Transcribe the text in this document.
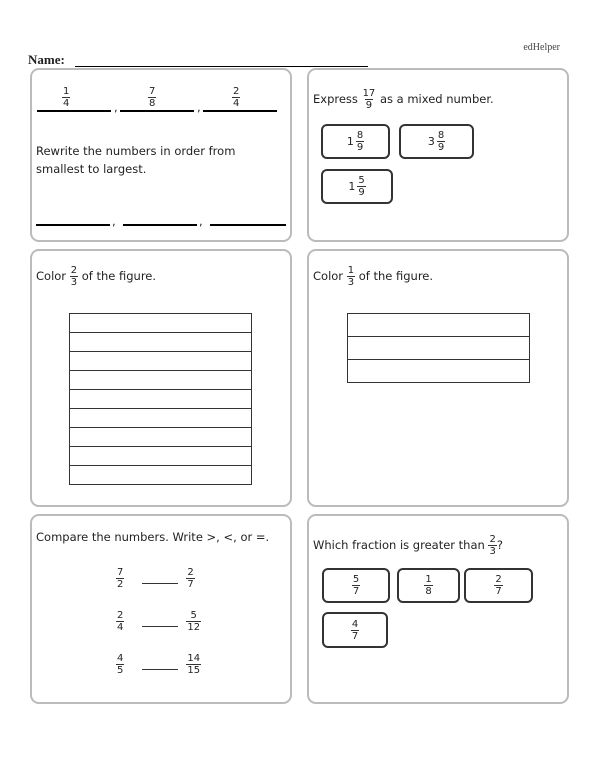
edHelper
Name:
$\frac{1}{4}$	$\frac{7}{8}$	$\frac{2}{4}$
,	,
Rewrite the numbers in order from smallest to largest.
,	,
Express $\frac{17}{9}$ as a mixed number.
$1 \frac{8}{9}$	$3 \frac{8}{9}$
$1 \frac{5}{9}$
Color $\frac{2}{3}$ of the figure.	Color $\frac{1}{3}$ of the figure.

Compare the numbers. Write >, <, or =.
$\frac{7}{2}$	$\frac{2}{7}$
$\frac{2}{4}$	$\frac{5}{12}$
$\frac{4}{5}$	$\frac{14}{15}$
Which fraction is greater than $\frac{2}{3}$ ?
$\frac{5}{7}$	$\frac{1}{8}$	$\frac{2}{7}$
$\frac{4}{7}$
